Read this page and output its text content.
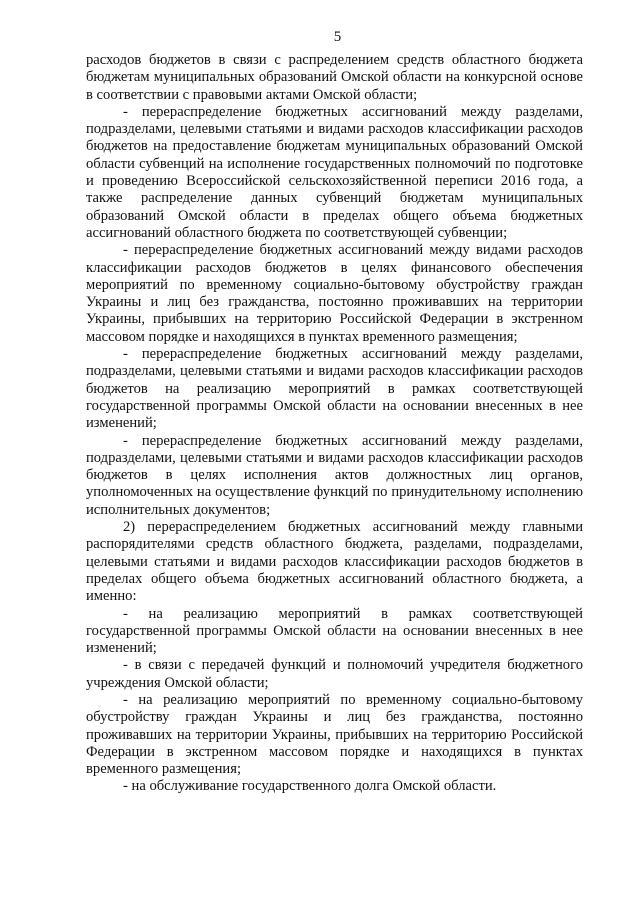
5

расходов бюджетов в связи с распределением средств областного бюджета бюджетам муниципальных образований Омской области на конкурсной основе в соответствии с правовыми актами Омской области;

- перераспределение бюджетных ассигнований между разделами, подразделами, целевыми статьями и видами расходов классификации расходов бюджетов на предоставление бюджетам муниципальных образований Омской области субвенций на исполнение государственных полномочий по подготовке и проведению Всероссийской сельскохозяйственной переписи 2016 года, а также распределение данных субвенций бюджетам муниципальных образований Омской области в пределах общего объема бюджетных ассигнований областного бюджета по соответствующей субвенции;

- перераспределение бюджетных ассигнований между видами расходов классификации расходов бюджетов в целях финансового обеспечения мероприятий по временному социально-бытовому обустройству граждан Украины и лиц без гражданства, постоянно проживавших на территории Украины, прибывших на территорию Российской Федерации в экстренном массовом порядке и находящихся в пунктах временного размещения;

- перераспределение бюджетных ассигнований между разделами, подразделами, целевыми статьями и видами расходов классификации расходов бюджетов на реализацию мероприятий в рамках соответствующей государственной программы Омской области на основании внесенных в нее изменений;

- перераспределение бюджетных ассигнований между разделами, подразделами, целевыми статьями и видами расходов классификации расходов бюджетов в целях исполнения актов должностных лиц органов, уполномоченных на осуществление функций по принудительному исполнению исполнительных документов;

2) перераспределением бюджетных ассигнований между главными распорядителями средств областного бюджета, разделами, подразделами, целевыми статьями и видами расходов классификации расходов бюджетов в пределах общего объема бюджетных ассигнований областного бюджета, а именно:

- на реализацию мероприятий в рамках соответствующей государственной программы Омской области на основании внесенных в нее изменений;

- в связи с передачей функций и полномочий учредителя бюджетного учреждения Омской области;

- на реализацию мероприятий по временному социально-бытовому обустройству граждан Украины и лиц без гражданства, постоянно проживавших на территории Украины, прибывших на территорию Российской Федерации в экстренном массовом порядке и находящихся в пунктах временного размещения;

- на обслуживание государственного долга Омской области.
